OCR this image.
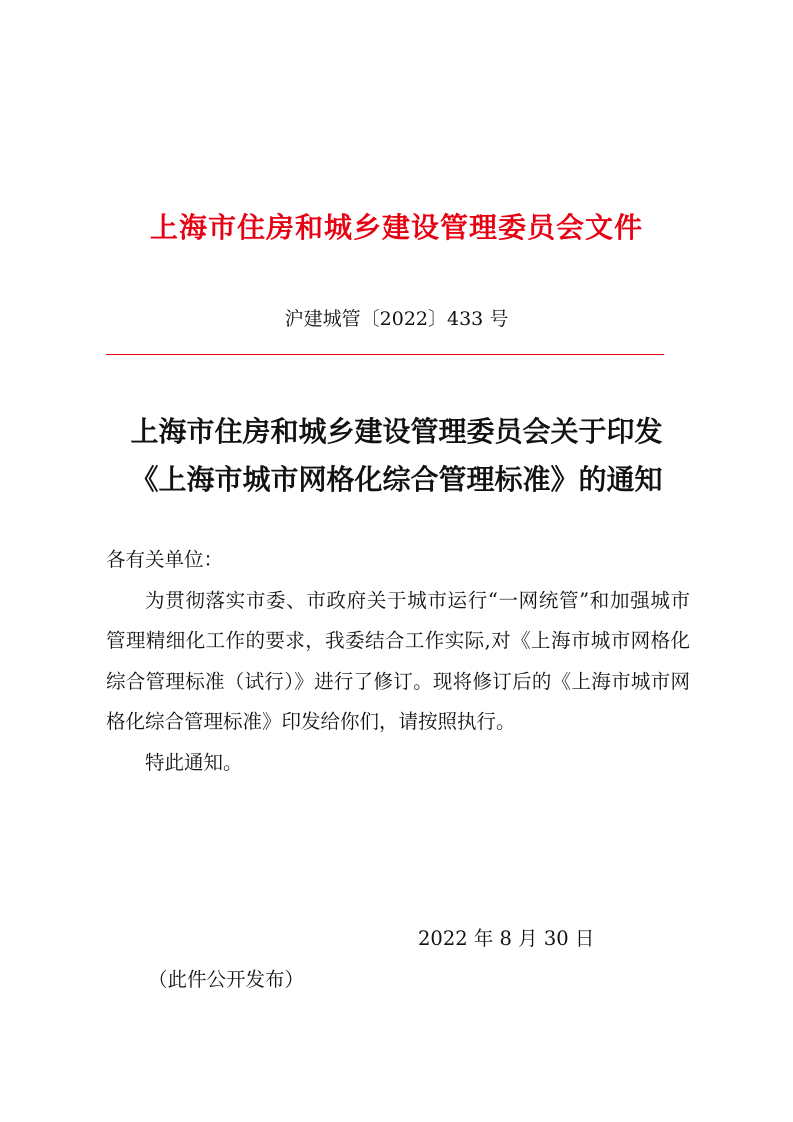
上海市住房和城乡建设管理委员会文件
沪建城管〔2022〕433 号
上海市住房和城乡建设管理委员会关于印发
《上海市城市网格化综合管理标准》的通知

各有关单位：

为贯彻落实市委、市政府关于城市运行“一网统管”和加强城市管理精细化工作的要求，我委结合工作实际,对《上海市城市网格化综合管理标准（试行）》进行了修订。现将修订后的《上海市城市网格化综合管理标准》印发给你们，请按照执行。

特此通知。

2022 年 8 月 30 日
（此件公开发布）
